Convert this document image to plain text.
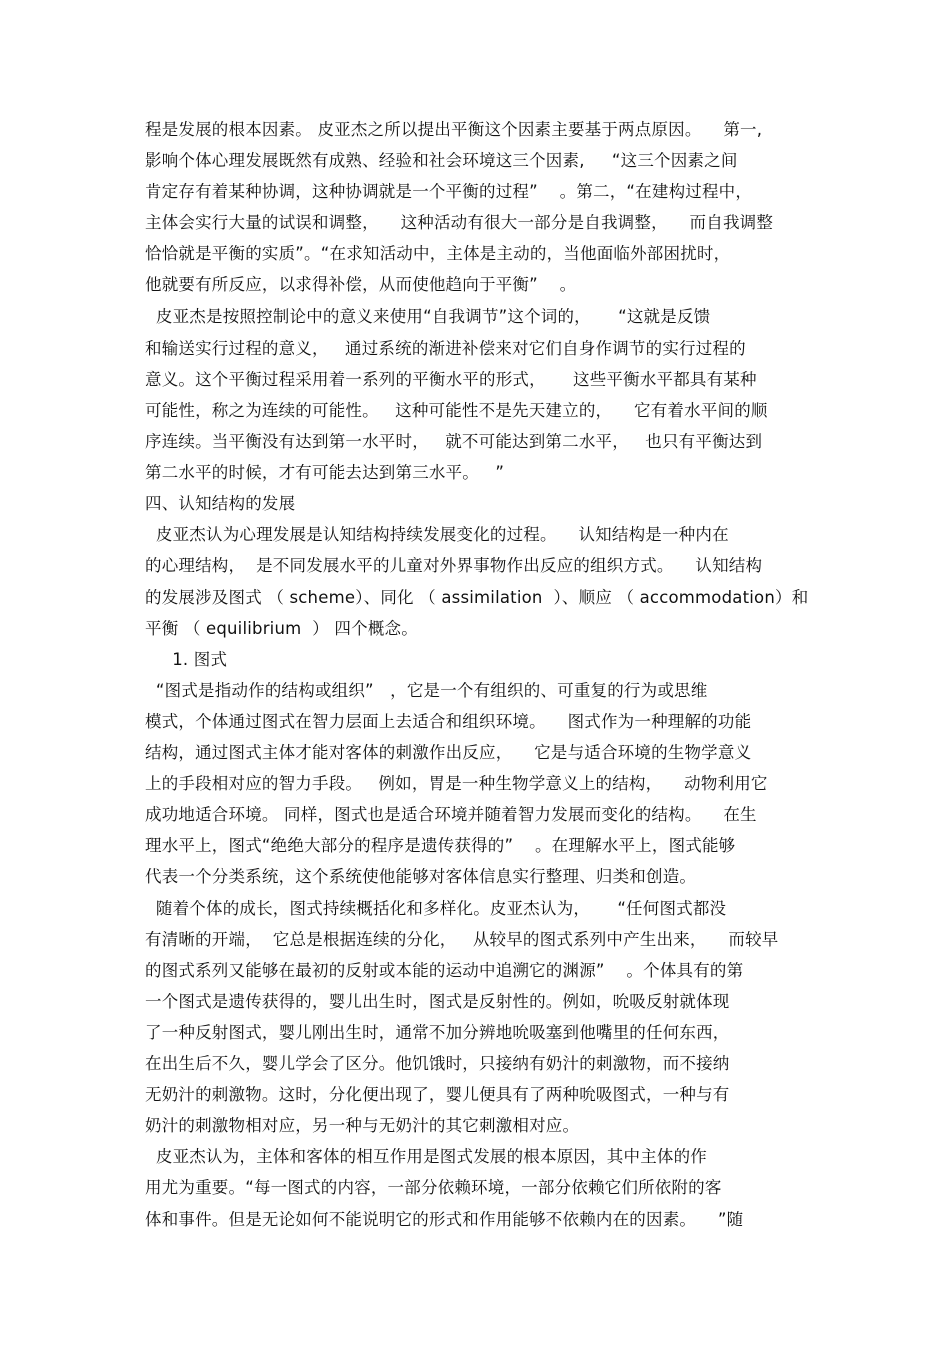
程是发展的根本因素。 皮亚杰之所以提出平衡这个因素主要基于两点原因。    第一,
影响个体心理发展既然有成熟、经验和社会环境这三个因素,     “这三个因素之间
肯定存有着某种协调，这种协调就是一个平衡的过程”    。第二，“在建构过程中，
主体会实行大量的试误和调整，    这种活动有很大一部分是自我调整，    而自我调整
恰恰就是平衡的实质”。“在求知活动中，主体是主动的，当他面临外部困扰时，
他就要有所反应，以求得补偿，从而使他趋向于平衡”    。
皮亚杰是按照控制论中的意义来使用“自我调节”这个词的，     “这就是反馈
和输送实行过程的意义，   通过系统的渐进补偿来对它们自身作调节的实行过程的
意义。这个平衡过程采用着一系列的平衡水平的形式，     这些平衡水平都具有某种
可能性，称之为连续的可能性。   这种可能性不是先天建立的，    它有着水平间的顺
序连续。当平衡没有达到第一水平时，   就不可能达到第二水平，   也只有平衡达到
第二水平的时候，才有可能去达到第三水平。   ”
四、认知结构的发展
皮亚杰认为心理发展是认知结构持续发展变化的过程。    认知结构是一种内在
的心理结构，  是不同发展水平的儿童对外界事物作出反应的组织方式。    认知结构
的发展涉及图式 （ scheme）、同化 （ assimilation  ）、顺应 （ accommodation）和
平衡 （ equilibrium  ） 四个概念。
1. 图式
“图式是指动作的结构或组织”   ，它是一个有组织的、可重复的行为或思维
模式，个体通过图式在智力层面上去适合和组织环境。    图式作为一种理解的功能
结构，通过图式主体才能对客体的刺激作出反应，    它是与适合环境的生物学意义
上的手段相对应的智力手段。   例如，胃是一种生物学意义上的结构，    动物利用它
成功地适合环境。 同样，图式也是适合环境并随着智力发展而变化的结构。    在生
理水平上，图式“绝绝大部分的程序是遗传获得的”    。在理解水平上，图式能够
代表一个分类系统，这个系统使他能够对客体信息实行整理、归类和创造。
随着个体的成长，图式持续概括化和多样化。皮亚杰认为，     “任何图式都没
有清晰的开端，  它总是根据连续的分化，   从较早的图式系列中产生出来，    而较早
的图式系列又能够在最初的反射或本能的运动中追溯它的渊源”    。个体具有的第
一个图式是遗传获得的，婴儿出生时，图式是反射性的。例如，吮吸反射就体现
了一种反射图式，婴儿刚出生时，通常不加分辨地吮吸塞到他嘴里的任何东西，
在出生后不久，婴儿学会了区分。他饥饿时，只接纳有奶汁的刺激物，而不接纳
无奶汁的刺激物。这时，分化便出现了，婴儿便具有了两种吮吸图式，一种与有
奶汁的刺激物相对应，另一种与无奶汁的其它刺激相对应。
皮亚杰认为，主体和客体的相互作用是图式发展的根本原因，其中主体的作
用尤为重要。“每一图式的内容，一部分依赖环境，一部分依赖它们所依附的客
体和事件。但是无论如何不能说明它的形式和作用能够不依赖内在的因素。    ”随
